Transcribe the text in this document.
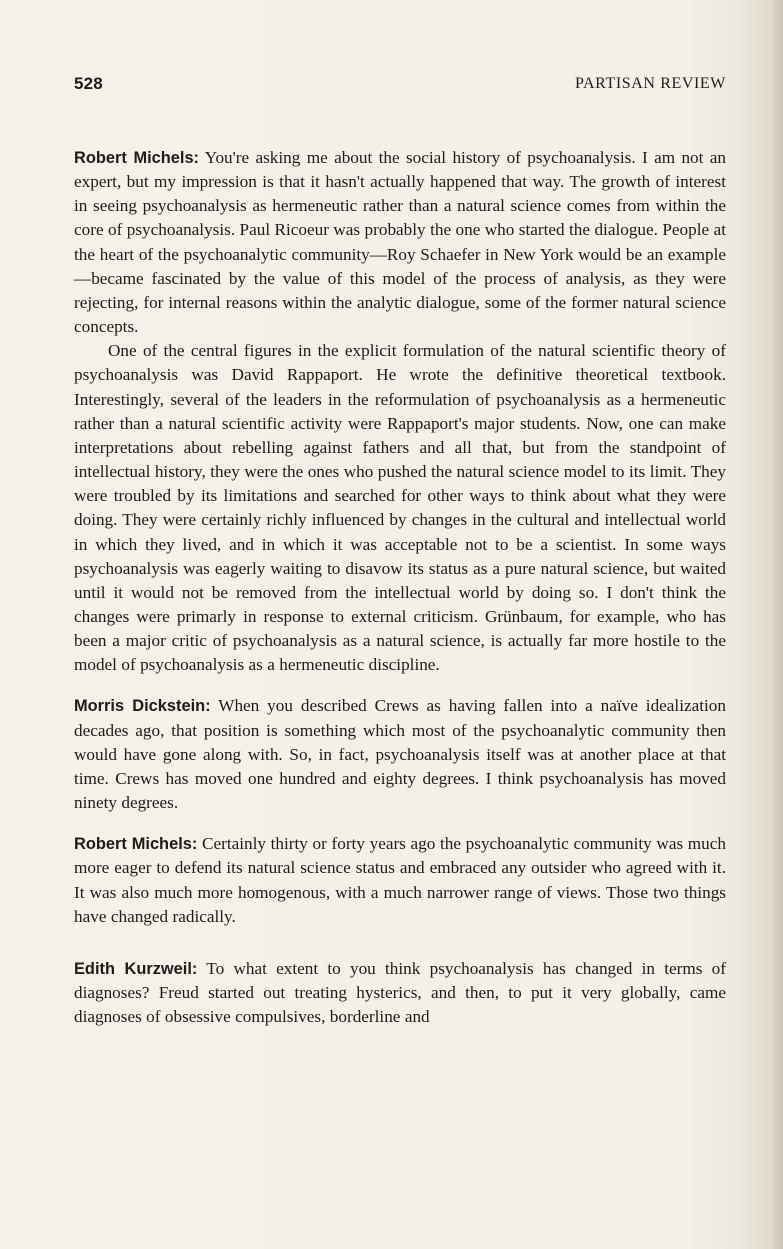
528	PARTISAN REVIEW

Robert Michels: You're asking me about the social history of psychoanalysis. I am not an expert, but my impression is that it hasn't actually happened that way. The growth of interest in seeing psychoanalysis as hermeneutic rather than a natural science comes from within the core of psychoanalysis. Paul Ricoeur was probably the one who started the dialogue. People at the heart of the psychoanalytic community—Roy Schaefer in New York would be an example—became fascinated by the value of this model of the process of analysis, as they were rejecting, for internal reasons within the analytic dialogue, some of the former natural science concepts.

One of the central figures in the explicit formulation of the natural scientific theory of psychoanalysis was David Rappaport. He wrote the definitive theoretical textbook. Interestingly, several of the leaders in the reformulation of psychoanalysis as a hermeneutic rather than a natural scientific activity were Rappaport's major students. Now, one can make interpretations about rebelling against fathers and all that, but from the standpoint of intellectual history, they were the ones who pushed the natural science model to its limit. They were troubled by its limitations and searched for other ways to think about what they were doing. They were certainly richly influenced by changes in the cultural and intellectual world in which they lived, and in which it was acceptable not to be a scientist. In some ways psychoanalysis was eagerly waiting to disavow its status as a pure natural science, but waited until it would not be removed from the intellectual world by doing so. I don't think the changes were primarly in response to external criticism. Grünbaum, for example, who has been a major critic of psychoanalysis as a natural science, is actually far more hostile to the model of psychoanalysis as a hermeneutic discipline.

Morris Dickstein: When you described Crews as having fallen into a naïve idealization decades ago, that position is something which most of the psychoanalytic community then would have gone along with. So, in fact, psychoanalysis itself was at another place at that time. Crews has moved one hundred and eighty degrees. I think psychoanalysis has moved ninety degrees.

Robert Michels: Certainly thirty or forty years ago the psychoanalytic community was much more eager to defend its natural science status and embraced any outsider who agreed with it. It was also much more homogenous, with a much narrower range of views. Those two things have changed radically.

Edith Kurzweil: To what extent to you think psychoanalysis has changed in terms of diagnoses? Freud started out treating hysterics, and then, to put it very globally, came diagnoses of obsessive compulsives, borderline and
